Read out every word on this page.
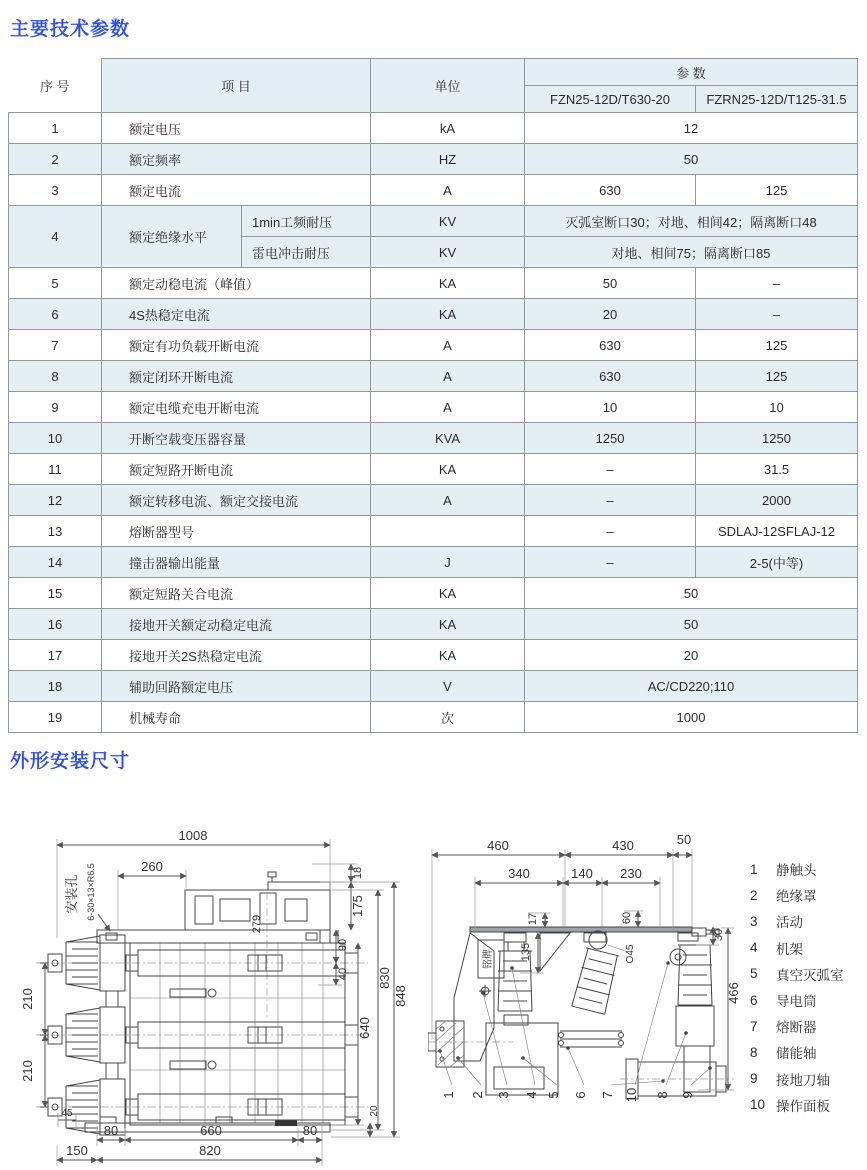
主要技术参数
序 号	项 目		单位	参 数	
				FZN25-12D/T630-20	FZRN25-12D/T125-31.5
1	额定电压		kA	12	
2	额定频率		HZ	50	
3	额定电流		A	630	125
4	额定绝缘水平	1min工频耐压	KV	灭弧室断口30；对地、相间42；隔离断口48	
		雷电冲击耐压	KV	对地、相间75；隔离断口85	
5	额定动稳电流（峰值）		KA	50	–
6	4S热稳定电流		KA	20	–
7	额定有功负载开断电流		A	630	125
8	额定闭环开断电流		A	630	125
9	额定电缆充电开断电流		A	10	10
10	开断空载变压器容量		KVA	1250	1250
11	额定短路开断电流		KA	–	31.5
12	额定转移电流、额定交接电流		A	–	2000
13	熔断器型号			–	SDLAJ-12SFLAJ-12
14	撞击器输出能量		J	–	2-5(中等)
15	额定短路关合电流		KA	50	
16	接地开关额定动稳定电流		KA	50	
17	接地开关2S热稳定电流		KA	20	
18	辅助回路额定电压		V	AC/CD220;110	
19	机械寿命		次	1000	
外形安装尺寸
1008
260
安装孔 6-30×13×R6.5	18
175
90
40
640
830
848
20
210
210
279
45
80	660	80
150	820
铭牌
460	430	50
340	140 230
17	60
30
135	O45
466
1 2 3 4 5 6 7 10 8 9
1	静触头
2	绝缘罩
3	活动
4	机架
5	真空灭弧室
6	导电筒
7	熔断器
8	储能轴
9	接地刀轴
10 操作面板
